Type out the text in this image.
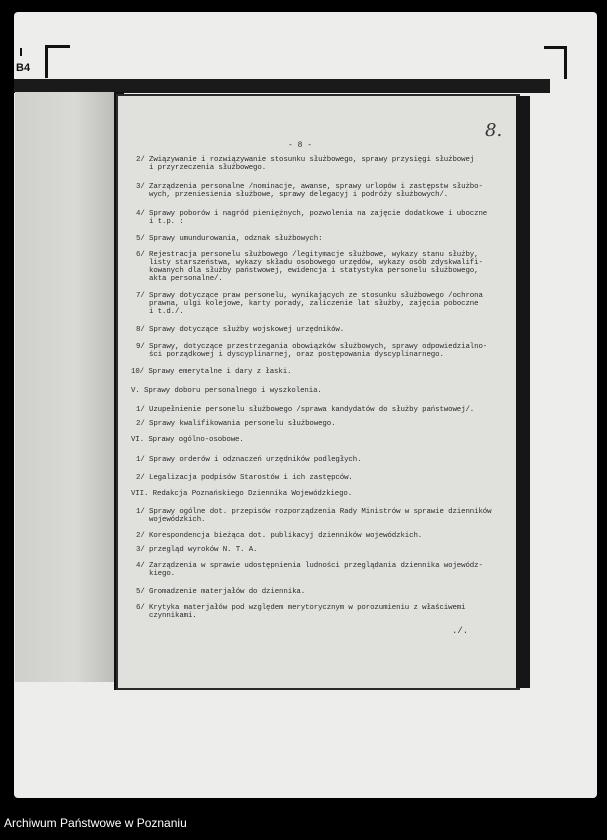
B4
8.
- 8 -
2/ Związywanie i rozwiązywanie stosunku służbowego, sprawy przysięgi służbowej
i przyrzeczenia służbowego.
3/ Zarządzenia personalne /nominacje, awanse, sprawy urlopów i zastępstw służbo-
wych, przeniesienia służbowe, sprawy delegacyj i podróży służbowych/.
4/ Sprawy poborów i nagród pieniężnych, pozwolenia na zajęcie dodatkowe i uboczne
i t.p. :
5/ Sprawy umundurowania, odznak służbowych:
6/ Rejestracja personelu służbowego /legitymacje służbowe, wykazy stanu służby,
listy starszeństwa, wykazy składu osobowego urzędów, wykazy osób zdyskwalifi-
kowanych dla służby państwowej, ewidencja i statystyka personelu służbowego,
akta personalne/.
7/ Sprawy dotyczące praw personelu, wynikających ze stosunku służbowego /ochrona
prawna, ulgi kolejowe, karty porady, zaliczenie lat służby, zajęcia poboczne
i t.d./.
8/ Sprawy dotyczące służby wojskowej urzędników.
9/ Sprawy, dotyczące przestrzegania obowiązków służbowych, sprawy odpowiedzialno-
ści porządkowej i dyscyplinarnej, oraz postępowania dyscyplinarnego.
10/ Sprawy emerytalne i dary z łaski.
V. Sprawy doboru personalnego i wyszkolenia.
1/ Uzupełnienie personelu służbowego /sprawa kandydatów do służby państwowej/.
2/ Sprawy kwalifikowania personelu służbowego.
VI. Sprawy ogólno-osobowe.
1/ Sprawy orderów i odznaczeń urzędników podległych.
2/ Legalizacja podpisów Starostów i ich zastępców.
VII. Redakcja Poznańskiego Dziennika Wojewódzkiego.
1/ Sprawy ogólne dot. przepisów rozporządzenia Rady Ministrów w sprawie dzienników
wojewódzkich.
2/ Korespondencja bieżąca dot. publikacyj dzienników wojewódzkich.
3/ przegląd wyroków N. T. A.
4/ Zarządzenia w sprawie udostępnienia ludności przeglądania dziennika wojewódz-
kiego.
5/ Gromadzenie materjałów do dziennika.
6/ Krytyka materjałów pod względem merytorycznym w porozumieniu z właściwemi
czynnikami.
./.
Archiwum Państwowe w Poznaniu
